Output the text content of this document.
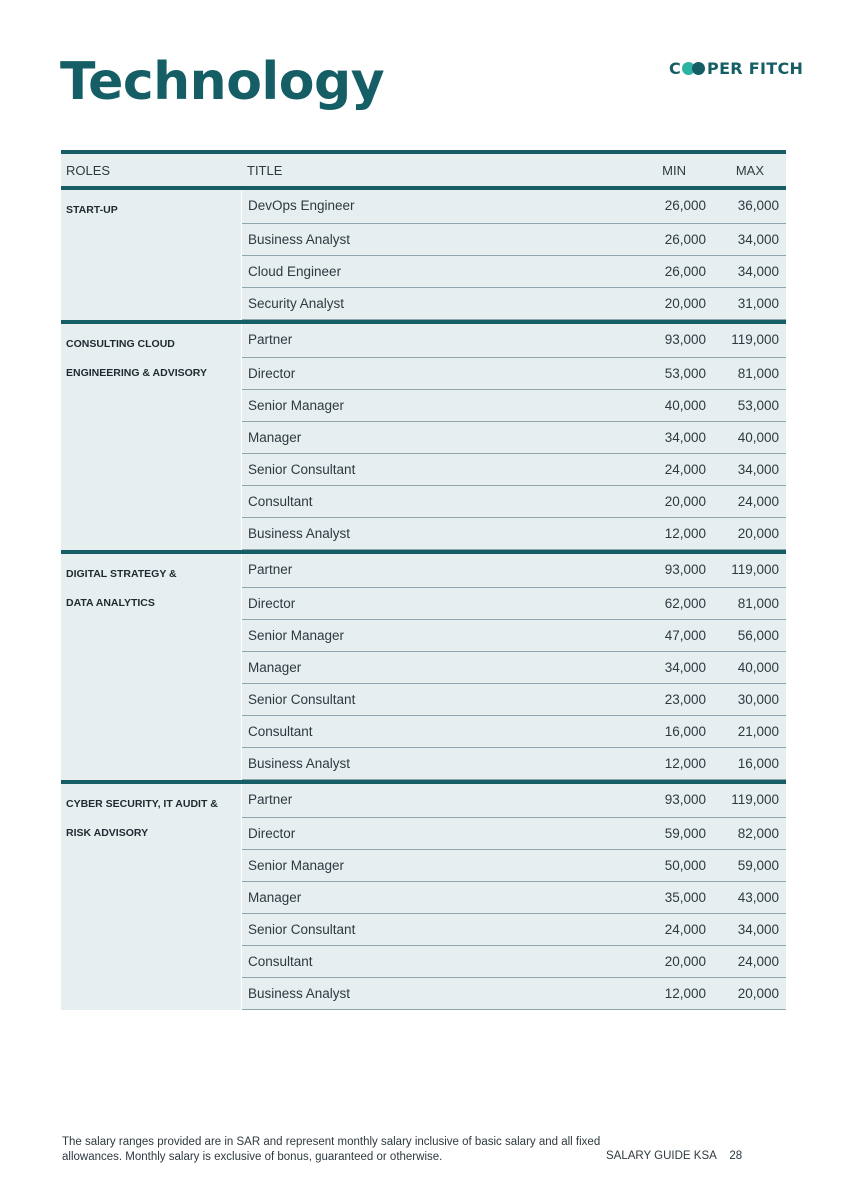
Technology	C PER FITCH
ROLES	TITLE	MIN	MAX
START-UP	DevOps Engineer	26,000 36,000
Business Analyst	26,000 34,000
Cloud Engineer	26,000 34,000
Security Analyst	20,000 31,000
CONSULTING CLOUD
ENGINEERING & ADVISORY
Partner	93,000 119,000
Director	53,000 81,000
Senior Manager	40,000 53,000
Manager	34,000 40,000
Senior Consultant	24,000 34,000
Consultant	20,000 24,000
Business Analyst	12,000 20,000
DIGITAL STRATEGY &
DATA ANALYTICS
Partner	93,000 119,000
Director	62,000 81,000
Senior Manager	47,000 56,000
Manager	34,000 40,000
Senior Consultant	23,000 30,000
Consultant	16,000 21,000
Business Analyst	12,000 16,000
CYBER SECURITY, IT AUDIT &
RISK ADVISORY
Partner	93,000 119,000
Director	59,000 82,000
Senior Manager	50,000 59,000
Manager	35,000 43,000
Senior Consultant	24,000 34,000
Consultant	20,000 24,000
Business Analyst	12,000 20,000
The salary ranges provided are in SAR and represent monthly salary inclusive of basic salary and all fixed allowances. Monthly salary is exclusive of bonus, guaranteed or otherwise.	SALARY GUIDE KSA 28
